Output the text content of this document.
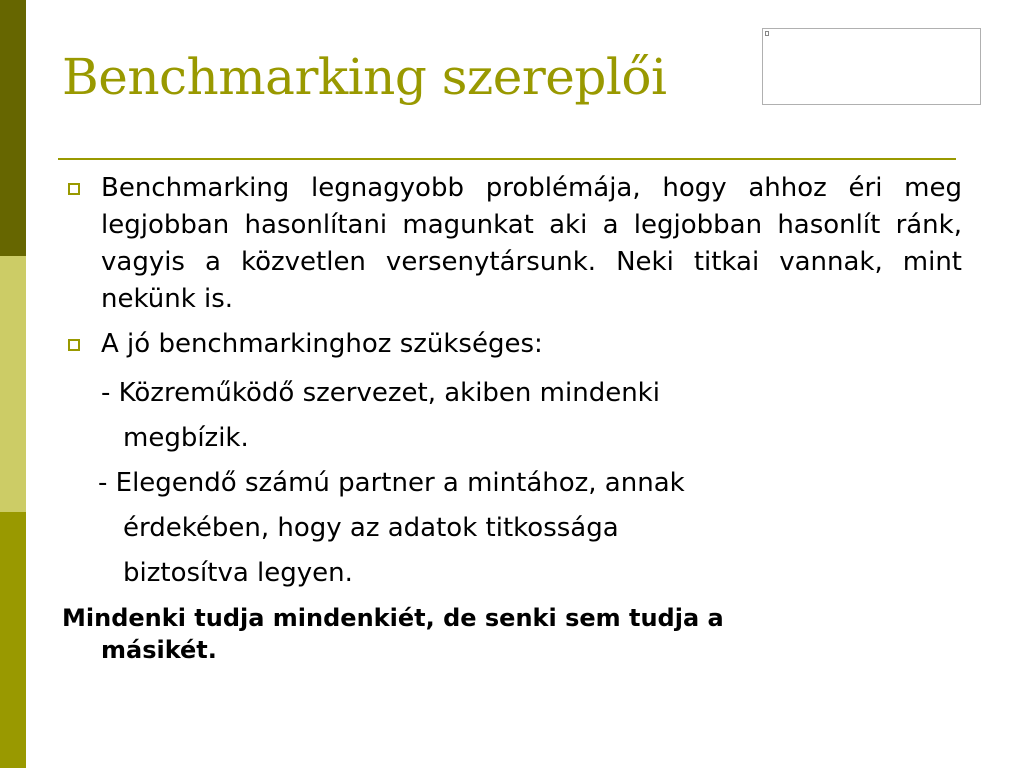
Benchmarking szereplői
Benchmarking legnagyobb problémája, hogy ahhoz éri meg legjobban hasonlítani magunkat aki a legjobban hasonlít ránk, vagyis a közvetlen versenytársunk. Neki titkai vannak, mint nekünk is.
A jó benchmarkinghoz szükséges:
- Közreműködő szervezet, akiben mindenki
megbízik.
- Elegendő számú partner a mintához, annak
érdekében, hogy az adatok titkossága
biztosítva legyen.
Mindenki tudja mindenkiét, de senki sem tudja a
másikét.
